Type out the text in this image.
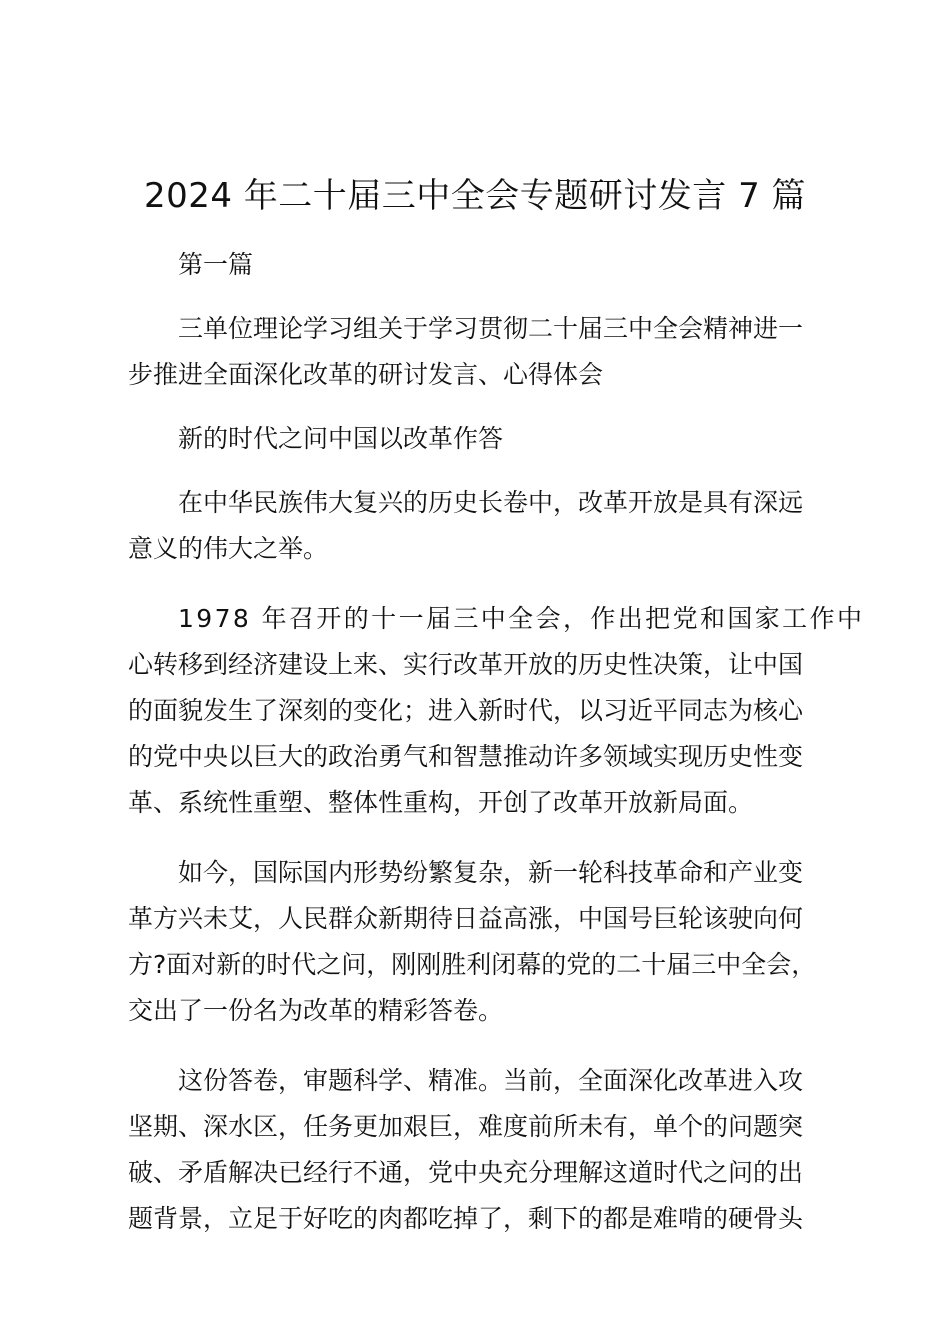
2024 年二十届三中全会专题研讨发言 7 篇

第一篇

三单位理论学习组关于学习贯彻二十届三中全会精神进一
步推进全面深化改革的研讨发言、心得体会

新的时代之问中国以改革作答

在中华民族伟大复兴的历史长卷中，改革开放是具有深远
意义的伟大之举。

1978 年召开的十一届三中全会，作出把党和国家工作中
心转移到经济建设上来、实行改革开放的历史性决策，让中国
的面貌发生了深刻的变化；进入新时代，以习近平同志为核心
的党中央以巨大的政治勇气和智慧推动许多领域实现历史性变
革、系统性重塑、整体性重构，开创了改革开放新局面。

如今，国际国内形势纷繁复杂，新一轮科技革命和产业变
革方兴未艾，人民群众新期待日益高涨，中国号巨轮该驶向何
方?面对新的时代之问，刚刚胜利闭幕的党的二十届三中全会，
交出了一份名为改革的精彩答卷。

这份答卷，审题科学、精准。当前，全面深化改革进入攻
坚期、深水区，任务更加艰巨，难度前所未有，单个的问题突
破、矛盾解决已经行不通，党中央充分理解这道时代之问的出
题背景，立足于好吃的肉都吃掉了，剩下的都是难啃的硬骨头
